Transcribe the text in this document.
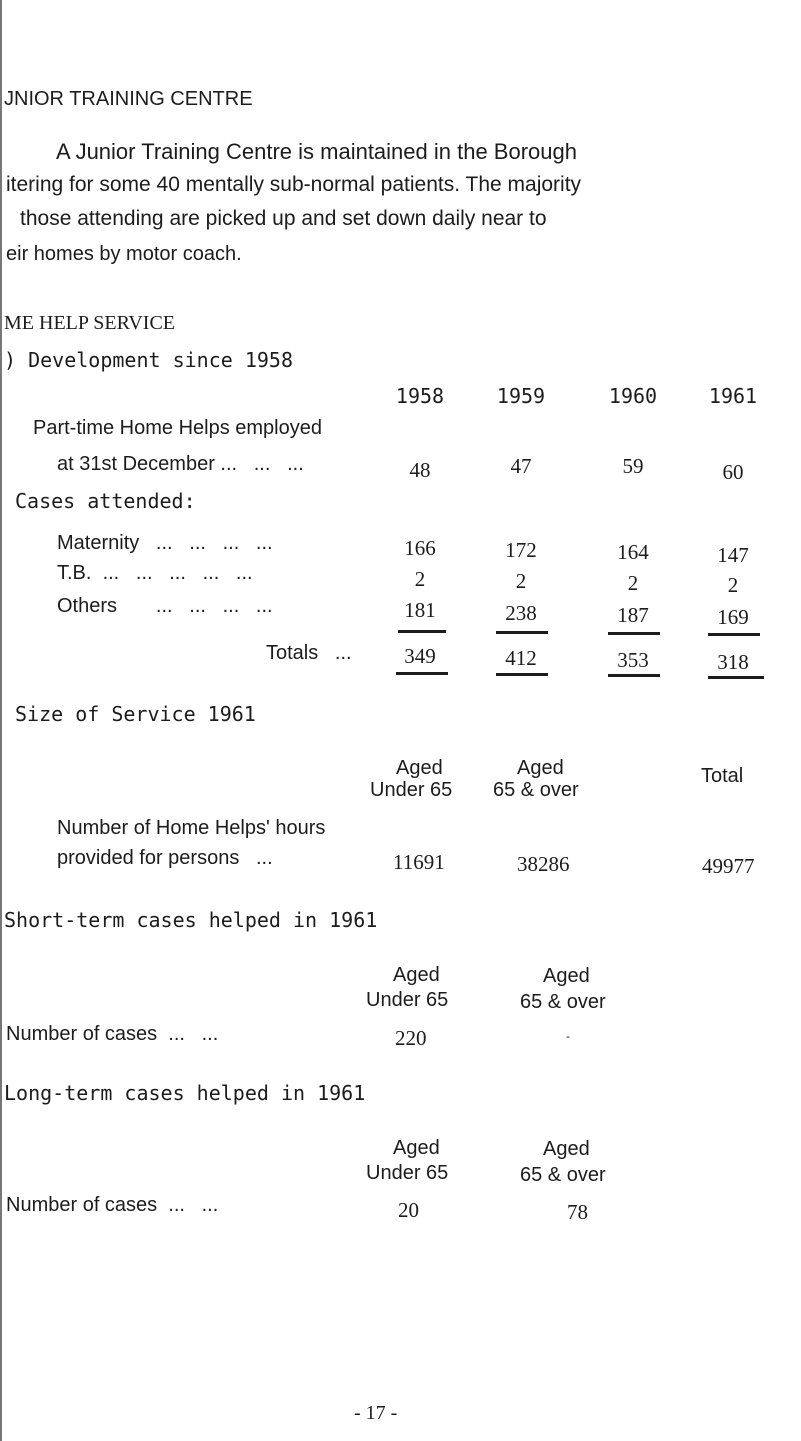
JNIOR TRAINING CENTRE
A Junior Training Centre is maintained in the Borough
itering for some 40 mentally sub-normal patients. The majority
those attending are picked up and set down daily near to
eir homes by motor coach.
ME HELP SERVICE
) Development since 1958
1958	1959	1960	1961
Part-time Home Helps employed
at 31st December ...   ...   ...	48	47	59	60
Cases attended:
Maternity   ...   ...   ...   ...	166	172	164	147
T.B.  ...   ...   ...   ...   ...	2	2	2	2
Others       ...   ...   ...   ...	181	238	187	169
Totals   ...	349	412	353	318
Size of Service 1961
Aged
Under 65
Aged
65 & over
Total
Number of Home Helps' hours
provided for persons   ...	11691	38286	49977
Short-term cases helped in 1961
Aged
Under 65
Aged
65 & over
Number of cases  ...   ...	220	-
Long-term cases helped in 1961
Aged
Under 65
Aged
65 & over
Number of cases  ...   ...	20	78
- 17 -
